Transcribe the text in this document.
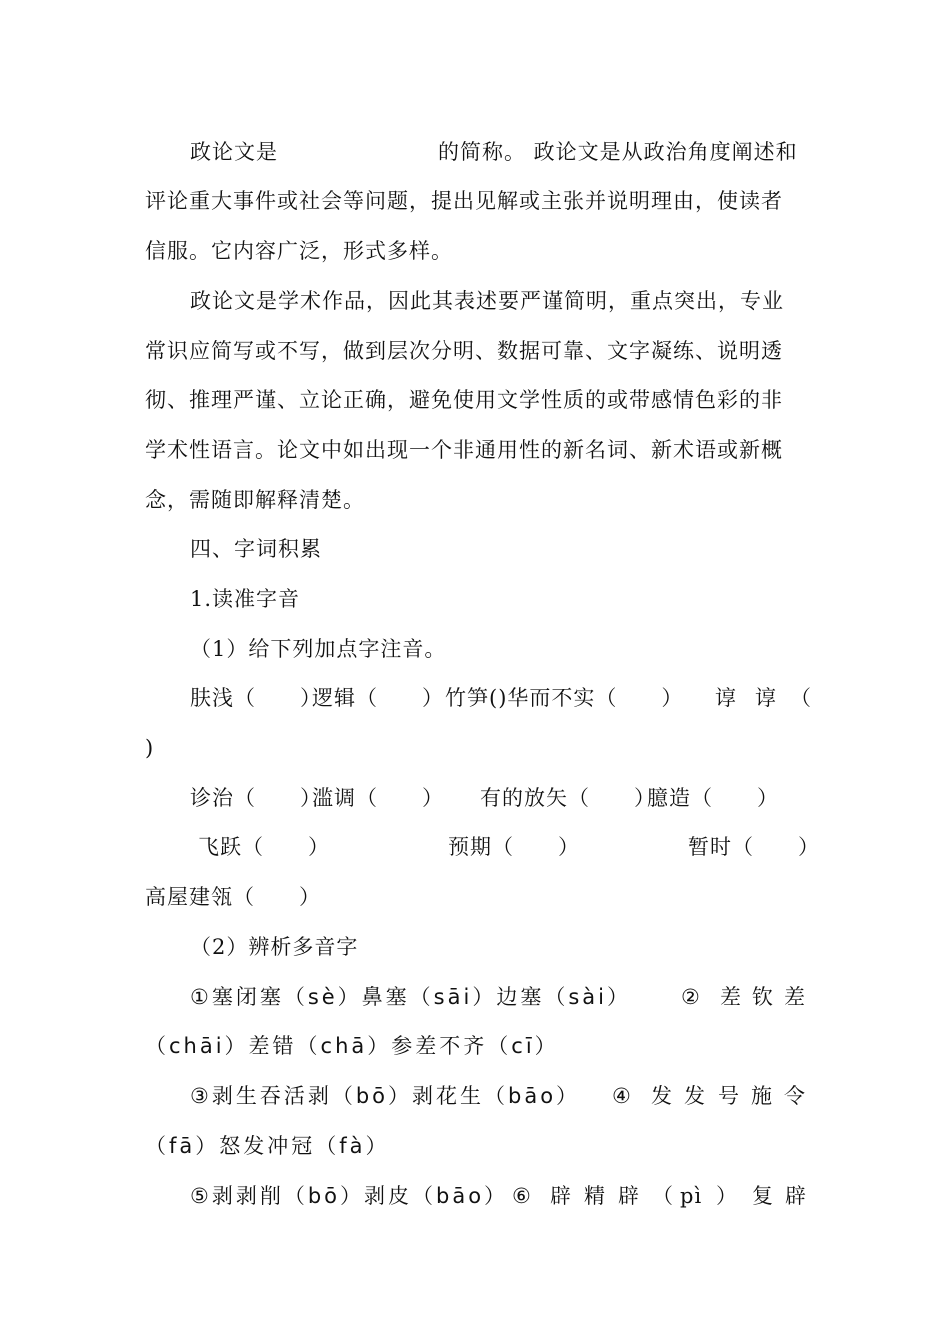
政论文是	的简称。 政论文是从政治角度阐述和
评论重大事件或社会等问题，提出见解或主张并说明理由，使读者
信服。它内容广泛，形式多样。
政论文是学术作品，因此其表述要严谨简明，重点突出，专业
常识应简写或不写，做到层次分明、数据可靠、文字凝练、说明透
彻、推理严谨、立论正确，避免使用文学性质的或带感情色彩的非
学术性语言。论文中如出现一个非通用性的新名词、新术语或新概
念，需随即解释清楚。
四、字词积累
1.读准字音
（1）给下列加点字注音。
肤浅（　　）
逻辑（　　） 竹笋()华而不实（　　） 谆 谆 （
)
诊治（　　）
滥调（　　） 有的放矢（　　）
臆造（　　）
飞跃（　　）	预期（　　）	暂时（　　）
高屋建瓴（　　）
（2）辨析多音字
①塞闭塞（sè）鼻塞（sāi）边塞（sài） ② 差 钦 差
（chāi）差错（chā）参差不齐（cī）
③剥生吞活剥（bō）剥花生（bāo） ④ 发 发 号 施 令
（fā）怒发冲冠（fà）
⑤剥剥削（bō）剥皮（bāo） ⑥ 辟 精 辟 （ pì ） 复 辟
